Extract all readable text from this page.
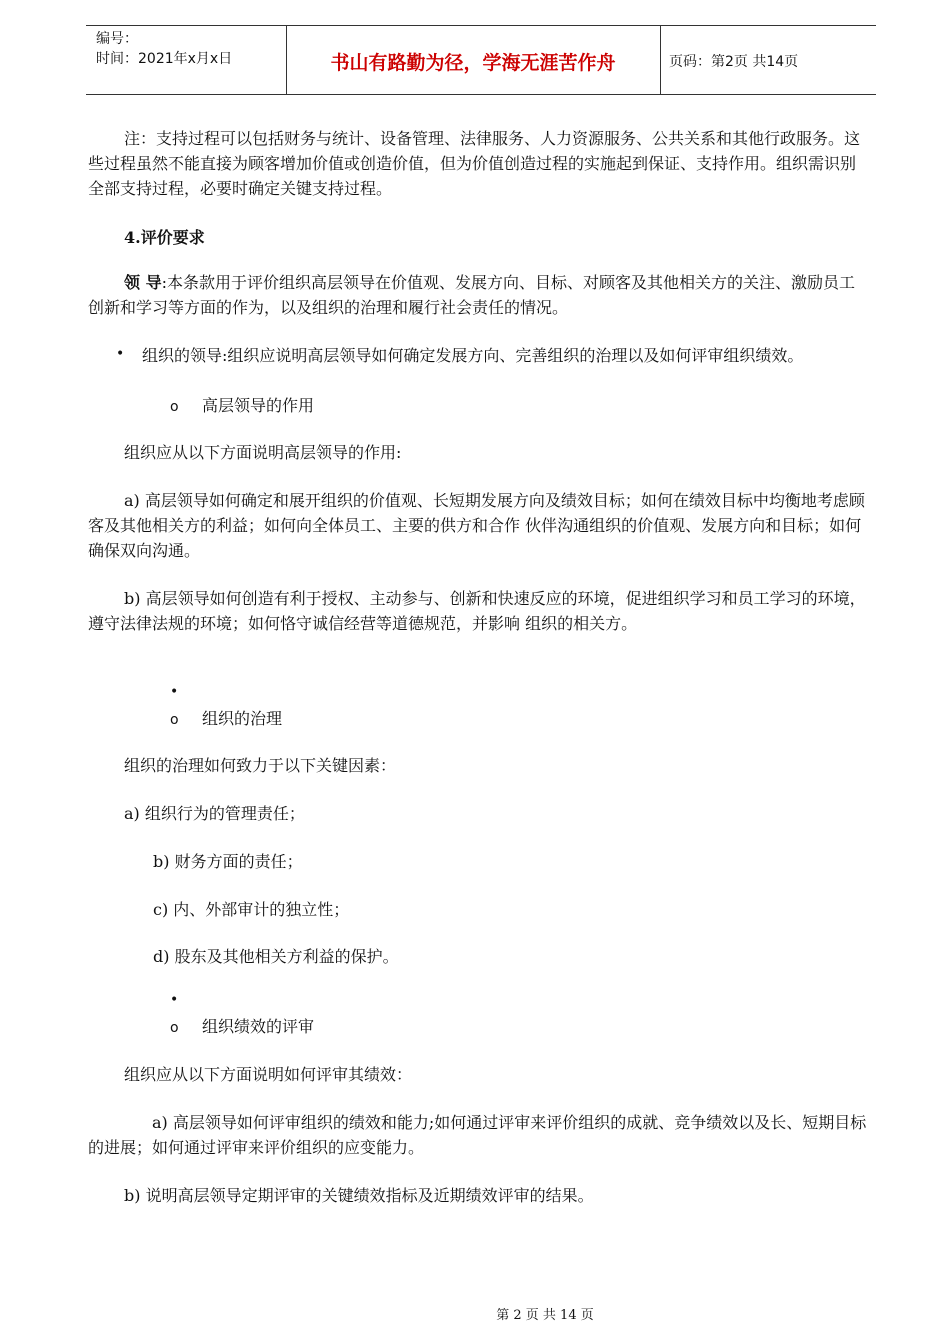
编号：
时间：2021年x月x日	书山有路勤为径，学海无涯苦作舟	页码：第2页 共14页

注：支持过程可以包括财务与统计、设备管理、法律服务、人力资源服务、公共关系和其他行政服务。这些过程虽然不能直接为顾客增加价值或创造价值，但为价值创造过程的实施起到保证、支持作用。组织需识别全部支持过程，必要时确定关键支持过程。

4.评价要求

领 导:本条款用于评价组织高层领导在价值观、发展方向、目标、对顾客及其他相关方的关注、激励员工创新和学习等方面的作为，以及组织的治理和履行社会责任的情况。

• 组织的领导:组织应说明高层领导如何确定发展方向、完善组织的治理以及如何评审组织绩效。

o 高层领导的作用

组织应从以下方面说明高层领导的作用:

a) 高层领导如何确定和展开组织的价值观、长短期发展方向及绩效目标；如何在绩效目标中均衡地考虑顾客及其他相关方的利益；如何向全体员工、主要的供方和合作 伙伴沟通组织的价值观、发展方向和目标；如何确保双向沟通。

b) 高层领导如何创造有利于授权、主动参与、创新和快速反应的环境，促进组织学习和员工学习的环境，遵守法律法规的环境；如何恪守诚信经营等道德规范，并影响 组织的相关方。

•
o 组织的治理

组织的治理如何致力于以下关键因素：

a) 组织行为的管理责任；

b) 财务方面的责任；

c) 内、外部审计的独立性；

d) 股东及其他相关方利益的保护。

•
o 组织绩效的评审

组织应从以下方面说明如何评审其绩效：

a) 高层领导如何评审组织的绩效和能力;如何通过评审来评价组织的成就、竞争绩效以及长、短期目标的进展；如何通过评审来评价组织的应变能力。

b) 说明高层领导定期评审的关键绩效指标及近期绩效评审的结果。

第 2 页 共 14 页
